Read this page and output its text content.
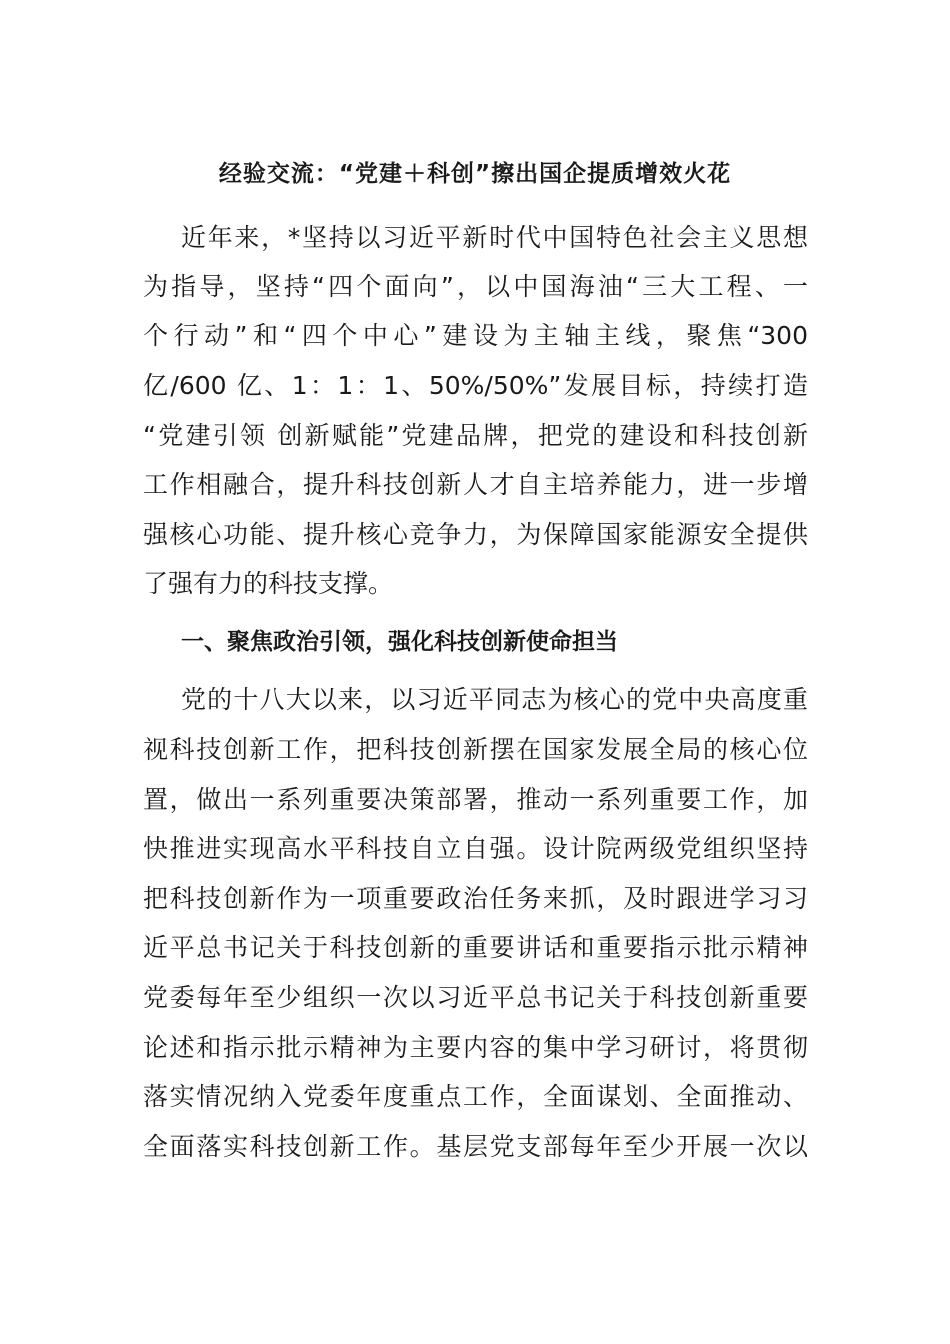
经验交流：“党建＋科创”擦出国企提质增效火花
近年来，*坚持以习近平新时代中国特色社会主义思想
为指导，坚持“四个面向”，以中国海油“三大工程、一
个行动”和“四个中心”建设为主轴主线，聚焦“300
亿/600 亿、1：1：1、50%/50%”发展目标，持续打造
“党建引领 创新赋能”党建品牌，把党的建设和科技创新
工作相融合，提升科技创新人才自主培养能力，进一步增
强核心功能、提升核心竞争力，为保障国家能源安全提供
了强有力的科技支撑。
一、聚焦政治引领，强化科技创新使命担当
党的十八大以来，以习近平同志为核心的党中央高度重
视科技创新工作，把科技创新摆在国家发展全局的核心位
置，做出一系列重要决策部署，推动一系列重要工作，加
快推进实现高水平科技自立自强。设计院两级党组织坚持
把科技创新作为一项重要政治任务来抓，及时跟进学习习
近平总书记关于科技创新的重要讲话和重要指示批示精神
党委每年至少组织一次以习近平总书记关于科技创新重要
论述和指示批示精神为主要内容的集中学习研讨，将贯彻
落实情况纳入党委年度重点工作，全面谋划、全面推动、
全面落实科技创新工作。基层党支部每年至少开展一次以
